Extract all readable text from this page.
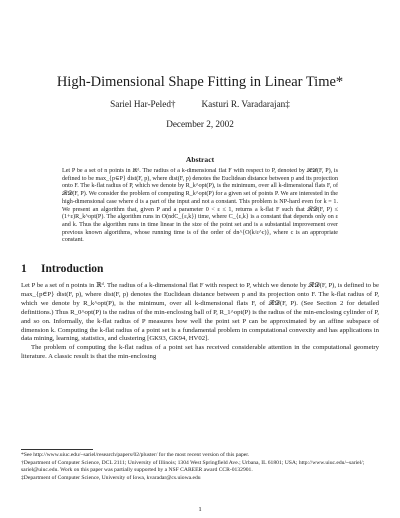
High-Dimensional Shape Fitting in Linear Time*
Sariel Har-Peled†	Kasturi R. Varadarajan‡
December 2, 2002
Abstract

Let P be a set of n points in ℝᵈ. The radius of a k-dimensional flat F with respect to P, denoted by 𝓡𝓓(F, P), is defined to be max_{p∈P} dist(F, p), where dist(F, p) denotes the Euclidean distance between p and its projection onto F. The k-flat radius of P, which we denote by R_k^opt(P), is the minimum, over all k-dimensional flats F, of 𝓡𝓓(F, P). We consider the problem of computing R_k^opt(P) for a given set of points P. We are interested in the high-dimensional case where d is a part of the input and not a constant. This problem is NP-hard even for k = 1. We present an algorithm that, given P and a parameter 0 < ε ≤ 1, returns a k-flat F such that 𝓡𝓓(F, P) ≤ (1+ε)R_k^opt(P). The algorithm runs in O(ndC_{ε,k}) time, where C_{ε,k} is a constant that depends only on ε and k. Thus the algorithm runs in time linear in the size of the point set and is a substantial improvement over previous known algorithms, whose running time is of the order of dn^{O(k/ε^c)}, where c is an appropriate constant.

1 Introduction

Let P be a set of n points in ℝᵈ. The radius of a k-dimensional flat F with respect to P, which we denote by 𝓡𝓓(F, P), is defined to be max_{p∈P} dist(F, p), where dist(F, p) denotes the Euclidean distance between p and its projection onto F. The k-flat radius of P, which we denote by R_k^opt(P), is the minimum, over all k-dimensional flats F, of 𝓡𝓓(F, P). (See Section 2 for detailed definitions.) Thus R_0^opt(P) is the radius of the min-enclosing ball of P, R_1^opt(P) is the radius of the min-enclosing cylinder of P, and so on. Informally, the k-flat radius of P measures how well the point set P can be approximated by an affine subspace of dimension k. Computing the k-flat radius of a point set is a fundamental problem in computational convexity and has applications in data mining, learning, statistics, and clustering [GK93, GK94, HV02].

The problem of computing the k-flat radius of a point set has received considerable attention in the computational geometry literature. A classic result is that the min-enclosing

*See http://www.uiuc.edu/~sariel/research/papers/02/pluster/ for the most recent version of this paper.

†Department of Computer Science, DCL 2111; University of Illinois; 1304 West Springfield Ave.; Urbana, IL 61801; USA; http://www.uiuc.edu/~sariel/; sariel@uiuc.edu. Work on this paper was partially supported by a NSF CAREER award CCR-0132901.

‡Department of Computer Science, University of Iowa, kvaradar@cs.uiowa.edu

1
